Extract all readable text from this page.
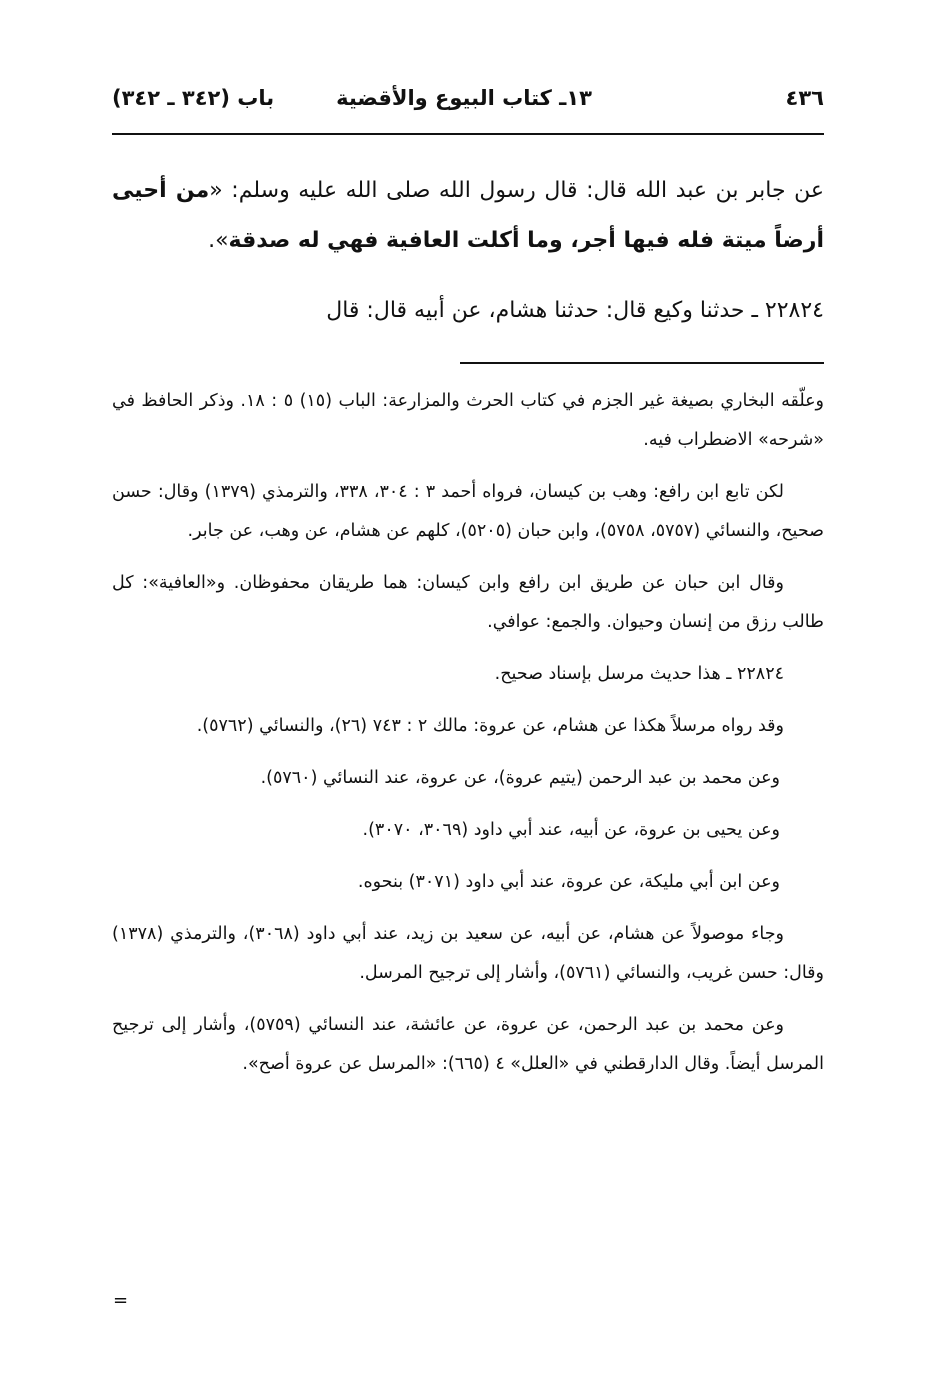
٤٣٦
١٣ـ كتاب البيوع والأقضية
باب (٣٤٢ ـ ٣٤٢)
عن جابر بن عبد الله قال: قال رسول الله صلى الله عليه وسلم: «من أحيى أرضاً ميتة فله فيها أجر، وما أكلت العافية فهي له صدقة».
٢٢٨٢٤ ـ حدثنا وكيع قال: حدثنا هشام، عن أبيه قال: قال

وعلّقه البخاري بصيغة غير الجزم في كتاب الحرث والمزارعة: الباب (١٥) ٥ : ١٨. وذكر الحافظ في «شرحه» الاضطراب فيه.

لكن تابع ابن رافع: وهب بن كيسان، فرواه أحمد ٣ : ٣٠٤، ٣٣٨، والترمذي (١٣٧٩) وقال: حسن صحيح، والنسائي (٥٧٥٧، ٥٧٥٨)، وابن حبان (٥٢٠٥)، كلهم عن هشام، عن وهب، عن جابر.

وقال ابن حبان عن طريق ابن رافع وابن كيسان: هما طريقان محفوظان. و«العافية»: كل طالب رزق من إنسان وحيوان. والجمع: عوافي.

٢٢٨٢٤ ـ هذا حديث مرسل بإسناد صحيح.

وقد رواه مرسلاً هكذا عن هشام، عن عروة: مالك ٢ : ٧٤٣ (٢٦)، والنسائي (٥٧٦٢).

وعن محمد بن عبد الرحمن (يتيم عروة)، عن عروة، عند النسائي (٥٧٦٠).

وعن يحيى بن عروة، عن أبيه، عند أبي داود (٣٠٦٩، ٣٠٧٠).

وعن ابن أبي مليكة، عن عروة، عند أبي داود (٣٠٧١) بنحوه.

وجاء موصولاً عن هشام، عن أبيه، عن سعيد بن زيد، عند أبي داود (٣٠٦٨)، والترمذي (١٣٧٨) وقال: حسن غريب، والنسائي (٥٧٦١)، وأشار إلى ترجيح المرسل.

وعن محمد بن عبد الرحمن، عن عروة، عن عائشة، عند النسائي (٥٧٥٩)، وأشار إلى ترجيح المرسل أيضاً. وقال الدارقطني في «العلل» ٤ (٦٦٥): «المرسل عن عروة أصح».

=
